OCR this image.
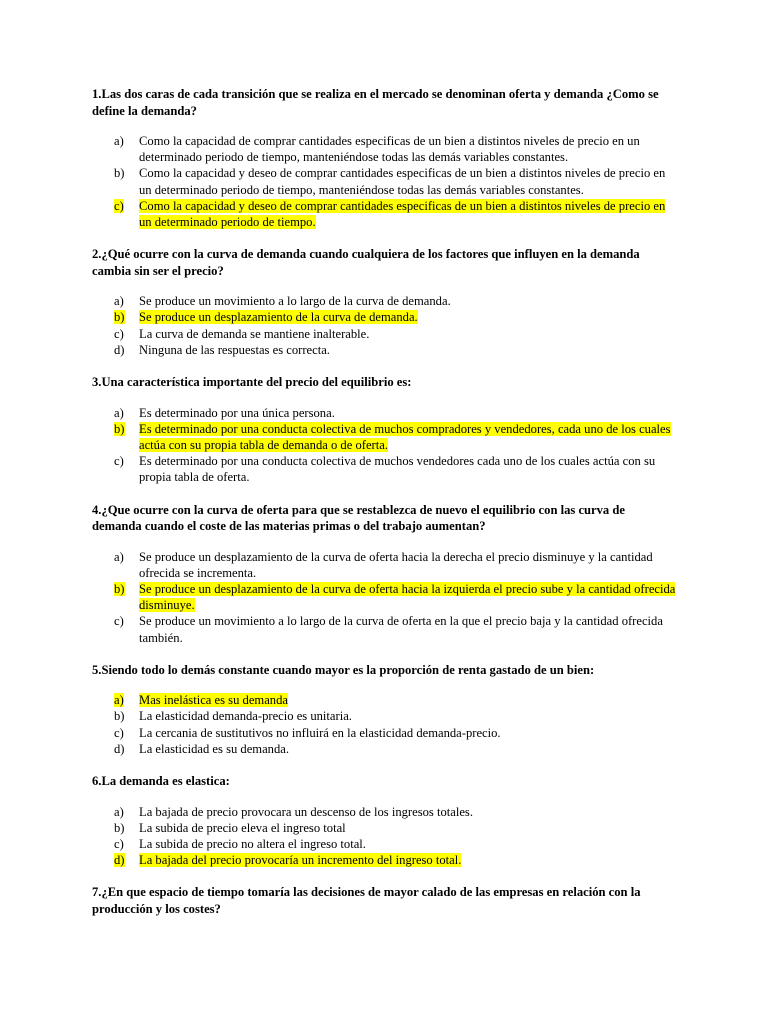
1.Las dos caras de cada transición que se realiza en el mercado se denominan oferta y demanda ¿Como se define la demanda?
a)	Como la capacidad de comprar cantidades especificas de un bien a distintos niveles de precio en un determinado periodo de tiempo, manteniéndose todas las demás variables constantes.
b)	Como la capacidad y deseo de comprar cantidades especificas de un bien a distintos niveles de precio en un determinado periodo de tiempo, manteniéndose todas las demás variables constantes.
c)	Como la capacidad y deseo de comprar cantidades especificas de un bien a distintos niveles de precio en un determinado periodo de tiempo.
2.¿Qué ocurre con la curva de demanda cuando cualquiera de los factores que influyen en la demanda cambia sin ser el precio?
a)	Se produce un movimiento a lo largo de la curva de demanda.
b)	Se produce un desplazamiento de la curva de demanda.
c)	La curva de demanda se mantiene inalterable.
d)	Ninguna de las respuestas es correcta.
3.Una característica importante del precio del equilibrio es:
a)	Es determinado por una única persona.
b)	Es determinado por una conducta colectiva de muchos compradores y vendedores, cada uno de los cuales actúa con su propia tabla de demanda o de oferta.
c)	Es determinado por una conducta colectiva de muchos vendedores cada uno de los cuales actúa con su propia tabla de oferta.
4.¿Que ocurre con la curva de oferta para que se restablezca de nuevo el equilibrio con las curva de demanda cuando el coste de las materias primas o del trabajo aumentan?
a)	Se produce un desplazamiento de la curva de oferta hacia la derecha el precio disminuye y la cantidad ofrecida se incrementa.
b)	Se produce un desplazamiento de la curva de oferta hacia la izquierda el precio sube y la cantidad ofrecida disminuye.
c)	Se produce un movimiento a lo largo de la curva de oferta en la que el precio baja y la cantidad ofrecida también.
5.Siendo todo lo demás constante cuando mayor es la proporción de renta gastado de un bien:
a)	Mas inelástica es su demanda
b)	La elasticidad demanda-precio es unitaria.
c)	La cercania de sustitutivos no influirá en la elasticidad demanda-precio.
d)	La elasticidad es su demanda.
6.La demanda es elastica:
a)	La bajada de precio provocara un descenso de los ingresos totales.
b)	La subida de precio eleva el ingreso total
c)	La subida de precio no altera el ingreso total.
d)	La bajada del precio provocaría un incremento del ingreso total.
7.¿En que espacio de tiempo tomaría las decisiones de mayor calado de las empresas en relación con la producción y los costes?
